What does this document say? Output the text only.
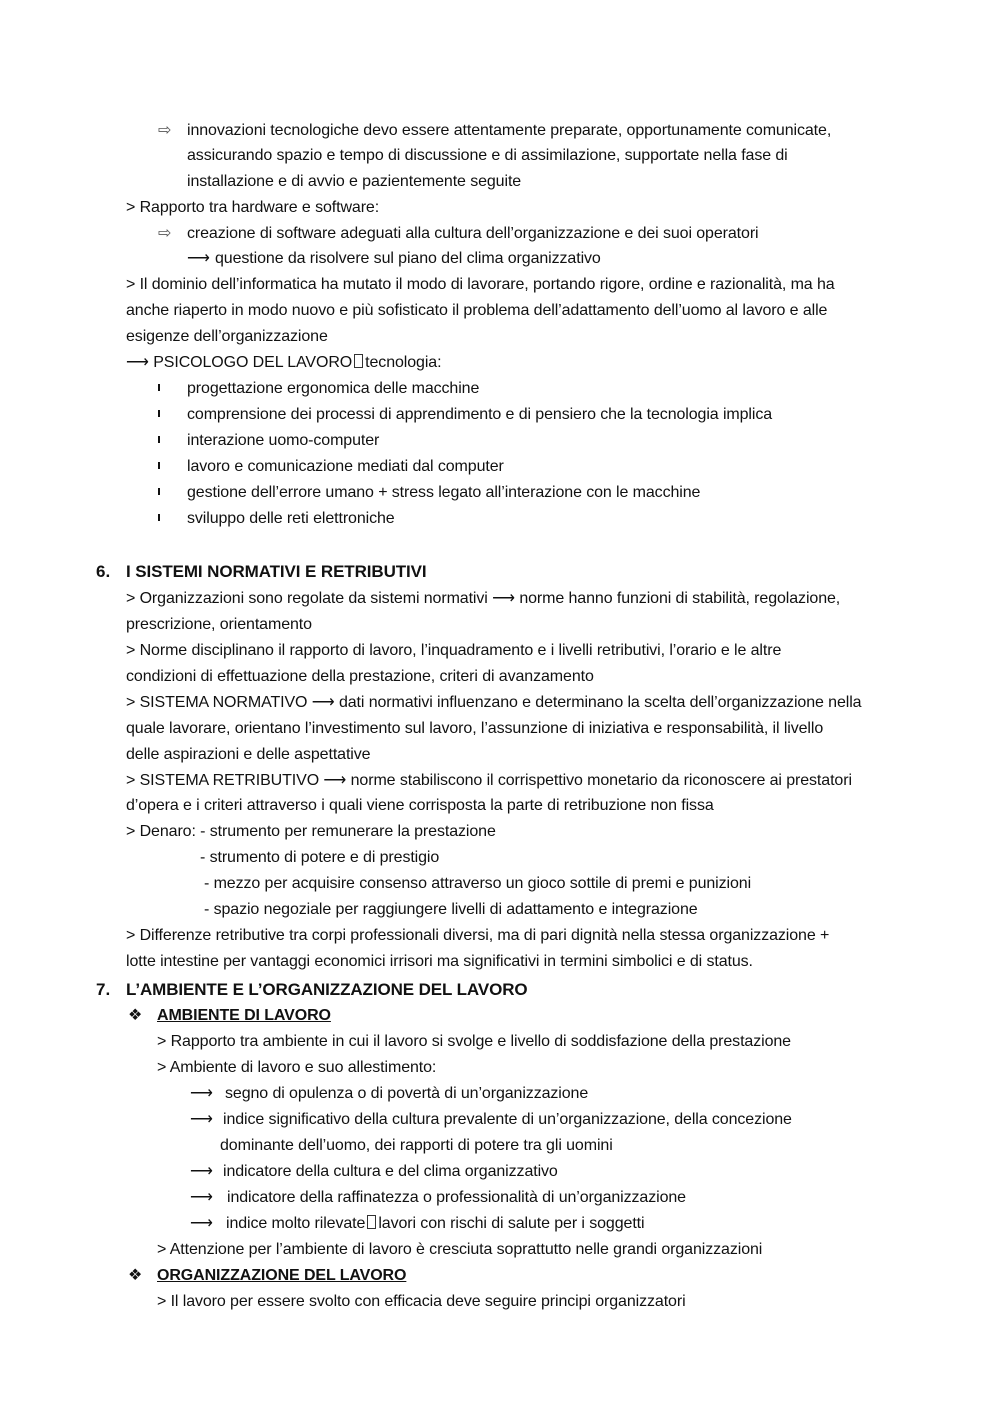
⇨ innovazioni tecnologiche devo essere attentamente preparate, opportunamente comunicate,
assicurando spazio e tempo di discussione e di assimilazione, supportate nella fase di
installazione e di avvio e pazientemente seguite
> Rapporto tra hardware e software:
⇨ creazione di software adeguati alla cultura dell’organizzazione e dei suoi operatori
⟶ questione da risolvere sul piano del clima organizzativo
> Il dominio dell’informatica ha mutato il modo di lavorare, portando rigore, ordine e razionalità, ma ha
anche riaperto in modo nuovo e più sofisticato il problema dell’adattamento dell’uomo al lavoro e alle
esigenze dell’organizzazione
⟶ PSICOLOGO DEL LAVORO tecnologia:
progettazione ergonomica delle macchine
comprensione dei processi di apprendimento e di pensiero che la tecnologia implica
interazione uomo-computer
lavoro e comunicazione mediati dal computer
gestione dell’errore umano + stress legato all’interazione con le macchine
sviluppo delle reti elettroniche
6. I SISTEMI NORMATIVI E RETRIBUTIVI
> Organizzazioni sono regolate da sistemi normativi ⟶ norme hanno funzioni di stabilità, regolazione,
prescrizione, orientamento
> Norme disciplinano il rapporto di lavoro, l’inquadramento e i livelli retributivi, l’orario e le altre
condizioni di effettuazione della prestazione, criteri di avanzamento
> SISTEMA NORMATIVO ⟶ dati normativi influenzano e determinano la scelta dell’organizzazione nella
quale lavorare, orientano l’investimento sul lavoro, l’assunzione di iniziativa e responsabilità, il livello
delle aspirazioni e delle aspettative
> SISTEMA RETRIBUTIVO ⟶ norme stabiliscono il corrispettivo monetario da riconoscere ai prestatori
d’opera e i criteri attraverso i quali viene corrisposta la parte di retribuzione non fissa
> Denaro: - strumento per remunerare la prestazione
- strumento di potere e di prestigio
- mezzo per acquisire consenso attraverso un gioco sottile di premi e punizioni
- spazio negoziale per raggiungere livelli di adattamento e integrazione
> Differenze retributive tra corpi professionali diversi, ma di pari dignità nella stessa organizzazione +
lotte intestine per vantaggi economici irrisori ma significativi in termini simbolici e di status.
7. L’AMBIENTE E L’ORGANIZZAZIONE DEL LAVORO
❖ AMBIENTE DI LAVORO
> Rapporto tra ambiente in cui il lavoro si svolge e livello di soddisfazione della prestazione
> Ambiente di lavoro e suo allestimento:
⟶ segno di opulenza o di povertà di un’organizzazione
⟶ indice significativo della cultura prevalente di un’organizzazione, della concezione
dominante dell’uomo, dei rapporti di potere tra gli uomini
⟶ indicatore della cultura e del clima organizzativo
⟶ indicatore della raffinatezza o professionalità di un’organizzazione
⟶ indice molto rilevate lavori con rischi di salute per i soggetti
> Attenzione per l’ambiente di lavoro è cresciuta soprattutto nelle grandi organizzazioni
❖ ORGANIZZAZIONE DEL LAVORO
> Il lavoro per essere svolto con efficacia deve seguire principi organizzatori
